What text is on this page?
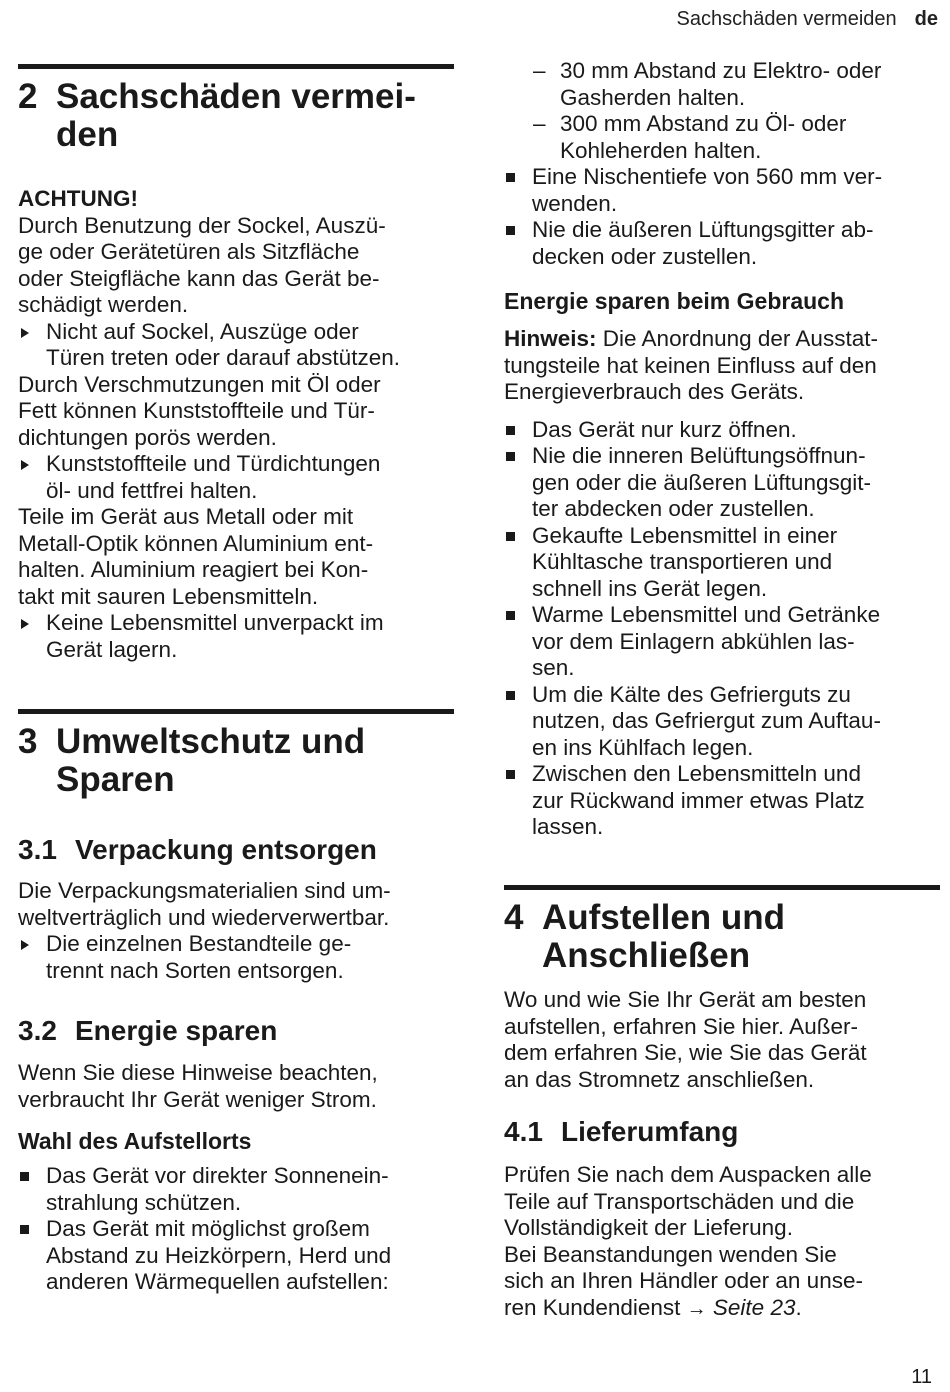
Sachschäden vermeiden de
2 Sachschäden vermei-
den
ACHTUNG!
Durch Benutzung der Sockel, Auszü-
ge oder Gerätetüren als Sitzfläche
oder Steigfläche kann das Gerät be-
schädigt werden.
Nicht auf Sockel, Auszüge oder
Türen treten oder darauf abstützen.
Durch Verschmutzungen mit Öl oder
Fett können Kunststoffteile und Tür-
dichtungen porös werden.
Kunststoffteile und Türdichtungen
öl- und fettfrei halten.
Teile im Gerät aus Metall oder mit
Metall-Optik können Aluminium ent-
halten. Aluminium reagiert bei Kon-
takt mit sauren Lebensmitteln.
Keine Lebensmittel unverpackt im
Gerät lagern.
3 Umweltschutz und
Sparen
3.1 Verpackung entsorgen
Die Verpackungsmaterialien sind um-
weltverträglich und wiederverwertbar.
Die einzelnen Bestandteile ge-
trennt nach Sorten entsorgen.
3.2 Energie sparen
Wenn Sie diese Hinweise beachten,
verbraucht Ihr Gerät weniger Strom.
Wahl des Aufstellorts
Das Gerät vor direkter Sonnenein-
strahlung schützen.
Das Gerät mit möglichst großem
Abstand zu Heizkörpern, Herd und
anderen Wärmequellen aufstellen:
– 30 mm Abstand zu Elektro- oder
Gasherden halten.
– 300 mm Abstand zu Öl- oder
Kohleherden halten.
Eine Nischentiefe von 560 mm ver-
wenden.
Nie die äußeren Lüftungsgitter ab-
decken oder zustellen.
Energie sparen beim Gebrauch
Hinweis: Die Anordnung der Ausstat-
tungsteile hat keinen Einfluss auf den
Energieverbrauch des Geräts.
Das Gerät nur kurz öffnen.
Nie die inneren Belüftungsöffnun-
gen oder die äußeren Lüftungsgit-
ter abdecken oder zustellen.
Gekaufte Lebensmittel in einer
Kühltasche transportieren und
schnell ins Gerät legen.
Warme Lebensmittel und Getränke
vor dem Einlagern abkühlen las-
sen.
Um die Kälte des Gefrierguts zu
nutzen, das Gefriergut zum Auftau-
en ins Kühlfach legen.
Zwischen den Lebensmitteln und
zur Rückwand immer etwas Platz
lassen.
4 Aufstellen und
Anschließen
Wo und wie Sie Ihr Gerät am besten
aufstellen, erfahren Sie hier. Außer-
dem erfahren Sie, wie Sie das Gerät
an das Stromnetz anschließen.
4.1 Lieferumfang
Prüfen Sie nach dem Auspacken alle
Teile auf Transportschäden und die
Vollständigkeit der Lieferung.
Bei Beanstandungen wenden Sie
sich an Ihren Händler oder an unse-
ren Kundendienst → Seite 23.
11
